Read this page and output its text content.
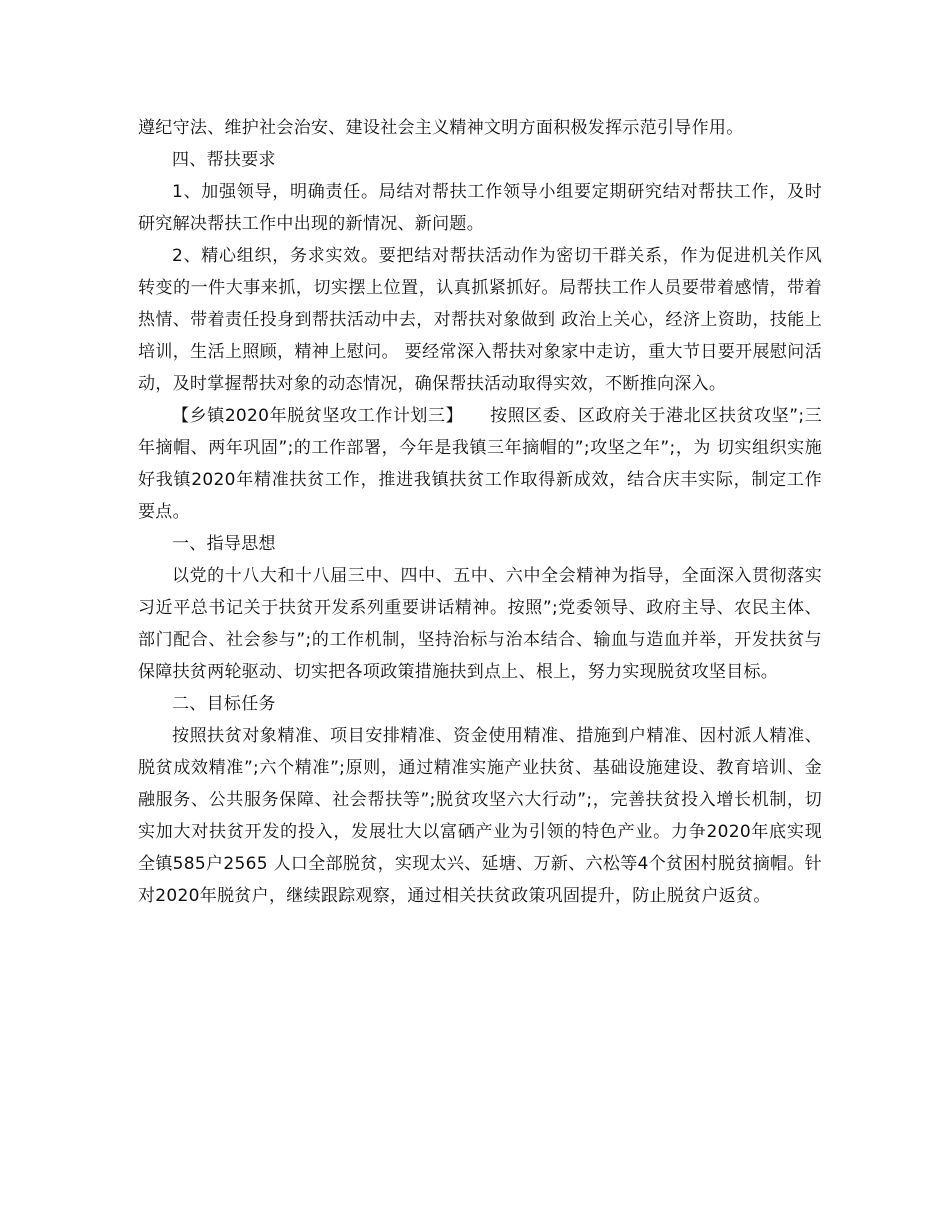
遵纪守法、维护社会治安、建设社会主义精神文明方面积极发挥示范引导作用。

四、帮扶要求

1、加强领导，明确责任。局结对帮扶工作领导小组要定期研究结对帮扶工作，及时研究解决帮扶工作中出现的新情况、新问题。

2、精心组织，务求实效。要把结对帮扶活动作为密切干群关系，作为促进机关作风转变的一件大事来抓，切实摆上位置，认真抓紧抓好。局帮扶工作人员要带着感情，带着热情、带着责任投身到帮扶活动中去，对帮扶对象做到 政治上关心，经济上资助，技能上培训，生活上照顾，精神上慰问。 要经常深入帮扶对象家中走访，重大节日要开展慰问活动，及时掌握帮扶对象的动态情况，确保帮扶活动取得实效，不断推向深入。

【乡镇2020年脱贫坚攻工作计划三】　　按照区委、区政府关于港北区扶贫攻坚”;三年摘帽、两年巩固”;的工作部署，今年是我镇三年摘帽的”;攻坚之年”;，为 切实组织实施好我镇2020年精准扶贫工作，推进我镇扶贫工作取得新成效，结合庆丰实际，制定工作要点。

一、指导思想

以党的十八大和十八届三中、四中、五中、六中全会精神为指导，全面深入贯彻落实习近平总书记关于扶贫开发系列重要讲话精神。按照”;党委领导、政府主导、农民主体、部门配合、社会参与”;的工作机制，坚持治标与治本结合、输血与造血并举，开发扶贫与保障扶贫两轮驱动、切实把各项政策措施扶到点上、根上，努力实现脱贫攻坚目标。

二、目标任务

按照扶贫对象精准、项目安排精准、资金使用精准、措施到户精准、因村派人精准、脱贫成效精准”;六个精准”;原则，通过精准实施产业扶贫、基础设施建设、教育培训、金融服务、公共服务保障、社会帮扶等”;脱贫攻坚六大行动”;，完善扶贫投入增长机制，切实加大对扶贫开发的投入，发展壮大以富硒产业为引领的特色产业。力争2020年底实现全镇585户2565 人口全部脱贫，实现太兴、延塘、万新、六松等4个贫困村脱贫摘帽。针对2020年脱贫户，继续跟踪观察，通过相关扶贫政策巩固提升，防止脱贫户返贫。
